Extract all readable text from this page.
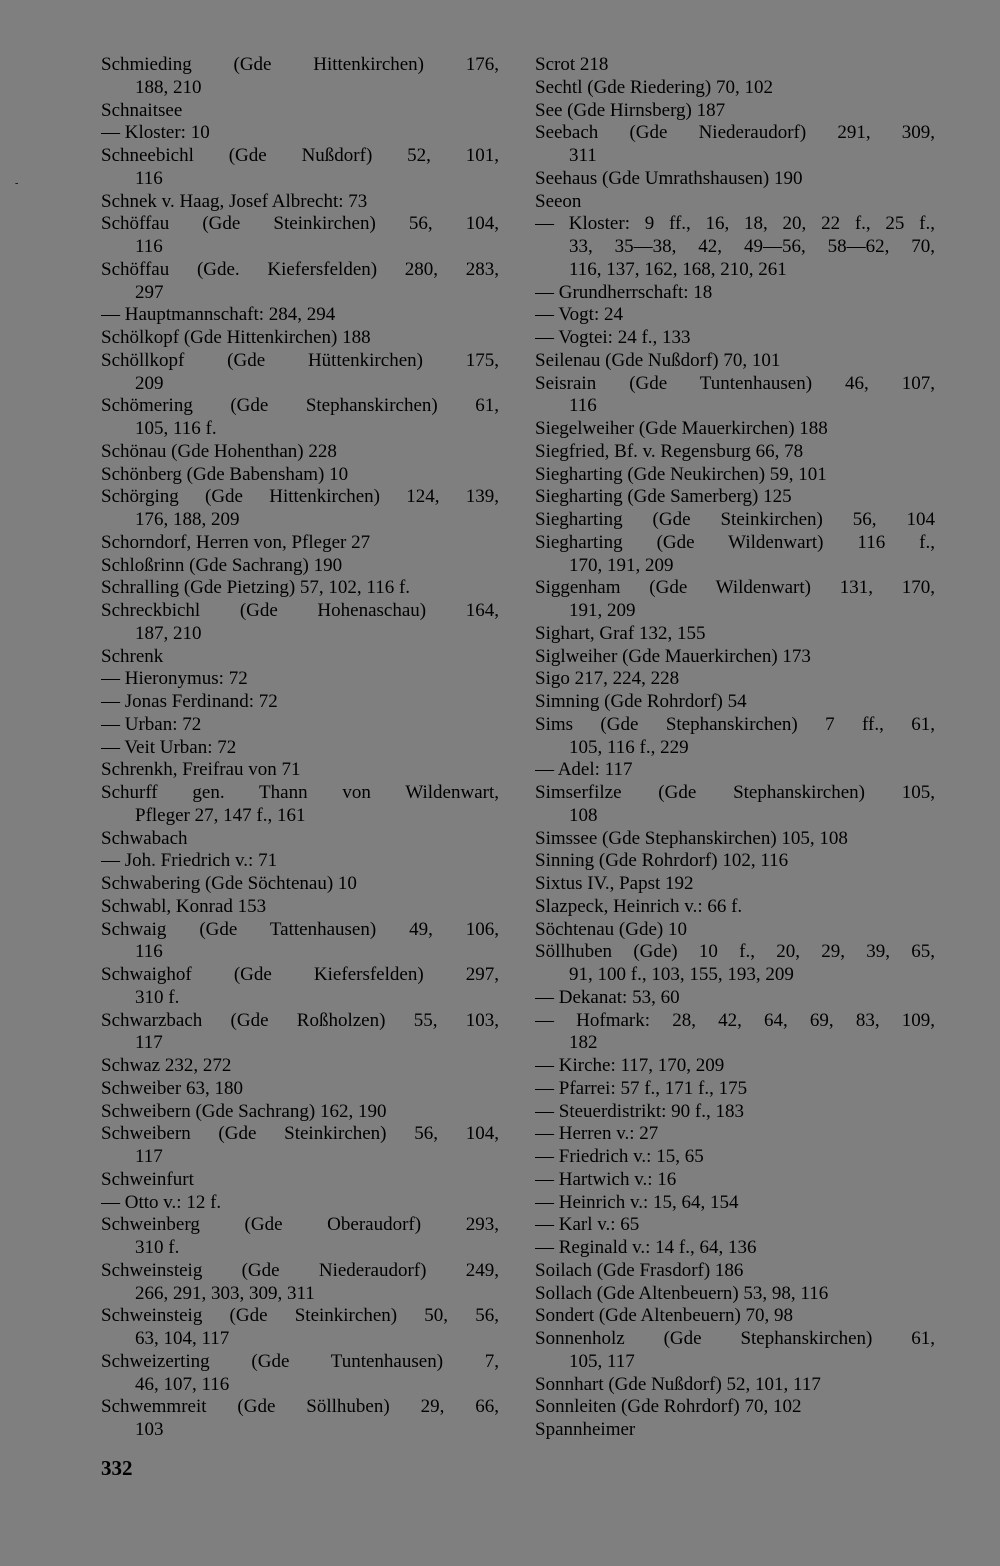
-
Schmieding (Gde Hittenkirchen) 176,
188, 210
Schnaitsee
— Kloster: 10
Schneebichl (Gde Nußdorf) 52, 101,
116
Schnek v. Haag, Josef Albrecht: 73
Schöffau (Gde Steinkirchen) 56, 104,
116
Schöffau (Gde. Kiefersfelden) 280, 283,
297
— Hauptmannschaft: 284, 294
Schölkopf (Gde Hittenkirchen) 188
Schöllkopf (Gde Hüttenkirchen) 175,
209
Schömering (Gde Stephanskirchen) 61,
105, 116 f.
Schönau (Gde Hohenthan) 228
Schönberg (Gde Babensham) 10
Schörging (Gde Hittenkirchen) 124, 139,
176, 188, 209
Schorndorf, Herren von, Pfleger 27
Schloßrinn (Gde Sachrang) 190
Schralling (Gde Pietzing) 57, 102, 116 f.
Schreckbichl (Gde Hohenaschau) 164,
187, 210
Schrenk
— Hieronymus: 72
— Jonas Ferdinand: 72
— Urban: 72
— Veit Urban: 72
Schrenkh, Freifrau von 71
Schurff gen. Thann von Wildenwart,
Pfleger 27, 147 f., 161
Schwabach
— Joh. Friedrich v.: 71
Schwabering (Gde Söchtenau) 10
Schwabl, Konrad 153
Schwaig (Gde Tattenhausen) 49, 106,
116
Schwaighof (Gde Kiefersfelden) 297,
310 f.
Schwarzbach (Gde Roßholzen) 55, 103,
117
Schwaz 232, 272
Schweiber 63, 180
Schweibern (Gde Sachrang) 162, 190
Schweibern (Gde Steinkirchen) 56, 104,
117
Schweinfurt
— Otto v.: 12 f.
Schweinberg (Gde Oberaudorf) 293,
310 f.
Schweinsteig (Gde Niederaudorf) 249,
266, 291, 303, 309, 311
Schweinsteig (Gde Steinkirchen) 50, 56,
63, 104, 117
Schweizerting (Gde Tuntenhausen) 7,
46, 107, 116
Schwemmreit (Gde Söllhuben) 29, 66,
103
Scrot 218
Sechtl (Gde Riedering) 70, 102
See (Gde Hirnsberg) 187
Seebach (Gde Niederaudorf) 291, 309,
311
Seehaus (Gde Umrathshausen) 190
Seeon
— Kloster: 9 ff., 16, 18, 20, 22 f., 25 f.,
33, 35—38, 42, 49—56, 58—62, 70,
116, 137, 162, 168, 210, 261
— Grundherrschaft: 18
— Vogt: 24
— Vogtei: 24 f., 133
Seilenau (Gde Nußdorf) 70, 101
Seisrain (Gde Tuntenhausen) 46, 107,
116
Siegelweiher (Gde Mauerkirchen) 188
Siegfried, Bf. v. Regensburg 66, 78
Siegharting (Gde Neukirchen) 59, 101
Siegharting (Gde Samerberg) 125
Siegharting (Gde Steinkirchen) 56, 104
Siegharting (Gde Wildenwart) 116 f.,
170, 191, 209
Siggenham (Gde Wildenwart) 131, 170,
191, 209
Sighart, Graf 132, 155
Siglweiher (Gde Mauerkirchen) 173
Sigo 217, 224, 228
Simning (Gde Rohrdorf) 54
Sims (Gde Stephanskirchen) 7 ff., 61,
105, 116 f., 229
— Adel: 117
Simserfilze (Gde Stephanskirchen) 105,
108
Simssee (Gde Stephanskirchen) 105, 108
Sinning (Gde Rohrdorf) 102, 116
Sixtus IV., Papst 192
Slazpeck, Heinrich v.: 66 f.
Söchtenau (Gde) 10
Söllhuben (Gde) 10 f., 20, 29, 39, 65,
91, 100 f., 103, 155, 193, 209
— Dekanat: 53, 60
— Hofmark: 28, 42, 64, 69, 83, 109,
182
— Kirche: 117, 170, 209
— Pfarrei: 57 f., 171 f., 175
— Steuerdistrikt: 90 f., 183
— Herren v.: 27
— Friedrich v.: 15, 65
— Hartwich v.: 16
— Heinrich v.: 15, 64, 154
— Karl v.: 65
— Reginald v.: 14 f., 64, 136
Soilach (Gde Frasdorf) 186
Sollach (Gde Altenbeuern) 53, 98, 116
Sondert (Gde Altenbeuern) 70, 98
Sonnenholz (Gde Stephanskirchen) 61,
105, 117
Sonnhart (Gde Nußdorf) 52, 101, 117
Sonnleiten (Gde Rohrdorf) 70, 102
Spannheimer
332
